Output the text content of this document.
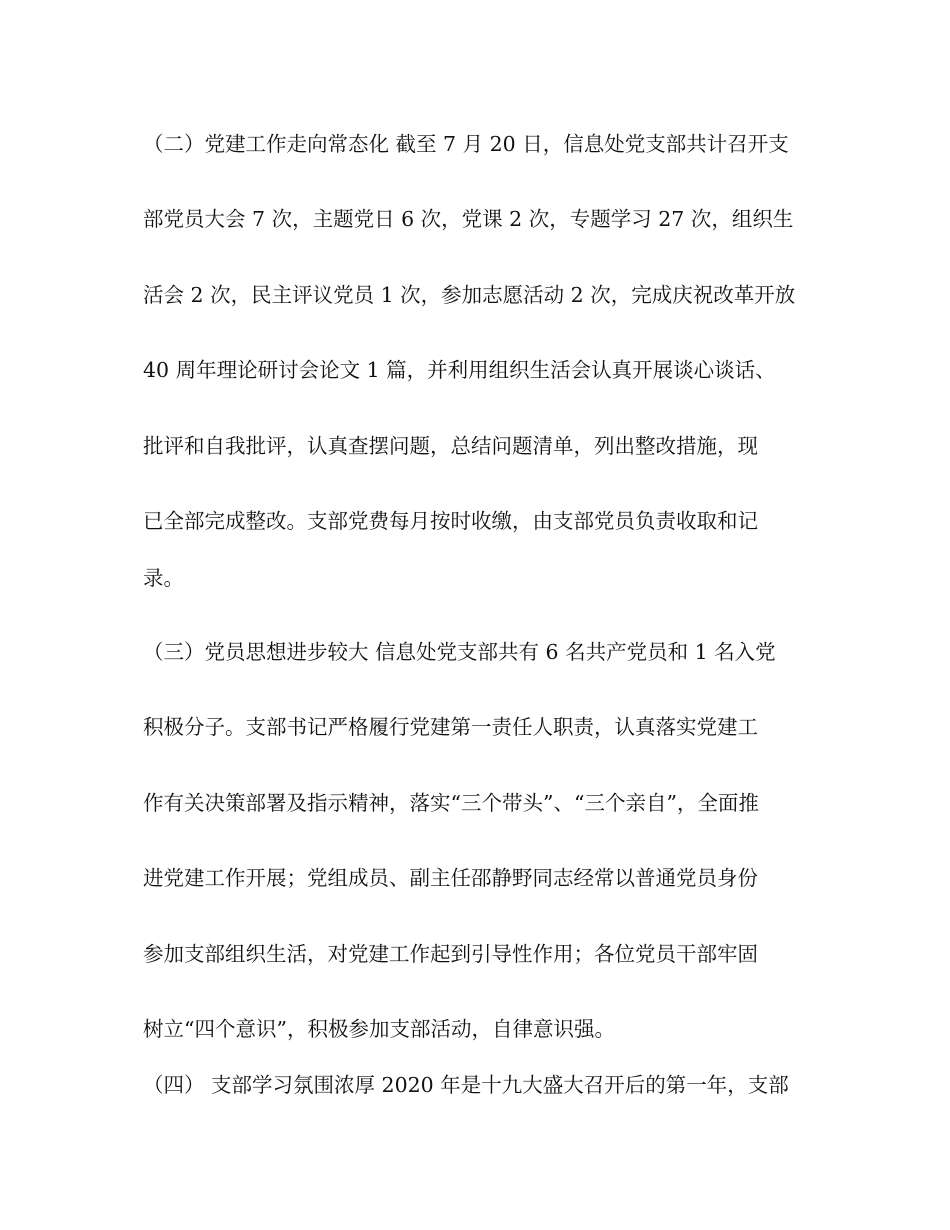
（二）党建工作走向常态化 截至 7 月 20 日，信息处党支部共计召开支
部党员大会 7 次，主题党日 6 次，党课 2 次，专题学习 27 次，组织生
活会 2 次，民主评议党员 1 次，参加志愿活动 2 次，完成庆祝改革开放
40 周年理论研讨会论文 1 篇，并利用组织生活会认真开展谈心谈话、
批评和自我批评，认真查摆问题，总结问题清单，列出整改措施，现
已全部完成整改。支部党费每月按时收缴，由支部党员负责收取和记
录。
（三）党员思想进步较大 信息处党支部共有 6 名共产党员和 1 名入党
积极分子。支部书记严格履行党建第一责任人职责，认真落实党建工
作有关决策部署及指示精神，落实“三个带头”、“三个亲自”，全面推
进党建工作开展；党组成员、副主任邵静野同志经常以普通党员身份
参加支部组织生活，对党建工作起到引导性作用；各位党员干部牢固
树立“四个意识”，积极参加支部活动，自律意识强。
（四） 支部学习氛围浓厚 2020 年是十九大盛大召开后的第一年，支部
